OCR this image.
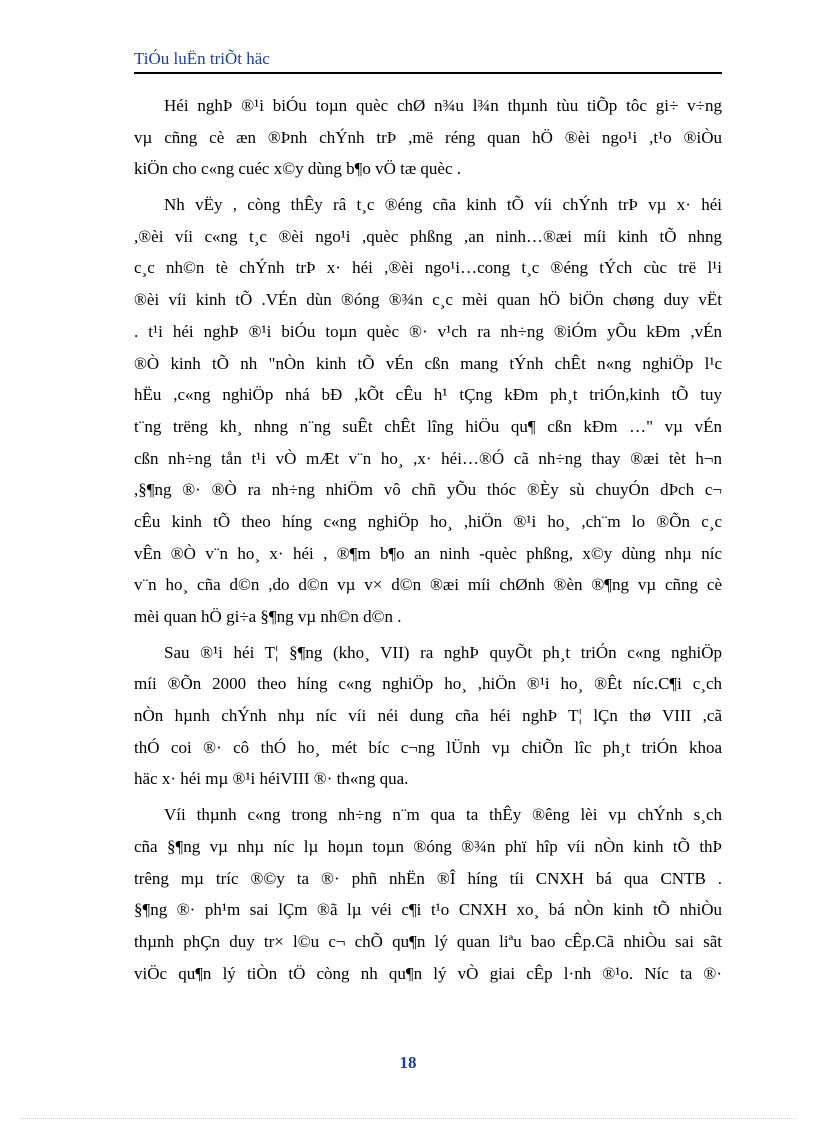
TiÓu luËn triÕt häc
Héi nghÞ ®¹i biÓu toµn quèc chØ n¾u l¾n thµnh tùu tiÕp tôc gi÷ v÷ng
vµ cñng cè æn ®Þnh chÝnh trÞ ,më réng quan hÖ ®èi ngo¹i ,t¹o ®iÒu
kiÖn cho c«ng cuéc x©y dùng b¶o vÖ tæ quèc .
Nh vËy , còng thÊy râ t¸c ®éng cña kinh tÕ víi chÝnh trÞ vµ x· héi
,®èi víi c«ng t¸c ®èi ngo¹i ,quèc phßng ,an ninh…®æi míi kinh tÕ nhng
c¸c nh©n tè chÝnh trÞ x· héi ,®èi ngo¹i…cong t¸c ®éng tÝch cùc trë l¹i
®èi víi kinh tÕ .VÉn dùn ®óng ®¾n c¸c mèi quan hÖ biÖn chøng duy vËt
. t¹i héi nghÞ ®¹i biÓu toµn quèc ®· v¹ch ra nh÷ng ®iÓm yÕu kÐm ,vÉn
®Ò kinh tÕ nh "nÒn kinh tÕ vÉn cßn mang tÝnh chÊt n«ng nghiÖp l¹c
hËu ,c«ng nghiÖp nhá bÐ ,kÕt cÊu h¹ tÇng kÐm ph¸t triÓn,kinh tÕ tuy
t¨ng trëng kh¸ nhng n¨ng suÊt chÊt lîng hiÖu qu¶ cßn kÐm …" vµ vÉn
cßn nh÷ng tån t¹i vÒ mÆt v¨n ho¸ ,x· héi…®Ó cã nh÷ng thay ®æi tèt h¬n
,§¶ng ®· ®Ò ra nh÷ng nhiÖm vô chñ yÕu thóc ®Èy sù chuyÓn dÞch c¬
cÊu kinh tÕ theo híng c«ng nghiÖp ho¸ ,hiÖn ®¹i ho¸ ,ch¨m lo ®Õn c¸c
vÊn ®Ò v¨n ho¸ x· héi , ®¶m b¶o an ninh -quèc phßng, x©y dùng nhµ níc
v¨n ho¸ cña d©n ,do d©n vµ v× d©n ®æi míi chØnh ®èn ®¶ng vµ cñng cè
mèi quan hÖ gi÷a §¶ng vµ nh©n d©n .
Sau ®¹i héi T¦ §¶ng (kho¸ VII) ra nghÞ quyÕt ph¸t triÓn c«ng nghiÖp
míi ®Õn 2000 theo híng c«ng nghiÖp ho¸ ,hiÖn ®¹i ho¸ ®Êt níc.C¶i c¸ch
nÒn hµnh chÝnh nhµ níc víi néi dung cña héi nghÞ T¦ lÇn thø VIII ,cã
thÓ coi ®· cô thÓ ho¸ mét bíc c¬ng lÜnh vµ chiÕn lîc ph¸t triÓn khoa
häc x· héi mµ ®¹i héiVIII ®· th«ng qua.
Víi thµnh c«ng trong nh÷ng n¨m qua ta thÊy ®êng lèi vµ chÝnh s¸ch
cña §¶ng vµ nhµ níc lµ hoµn toµn ®óng ®¾n phï hîp víi nÒn kinh tÕ thÞ
trêng mµ tríc ®©y ta ®· phñ nhËn ®Î híng tíi CNXH bá qua CNTB .
§¶ng ®· ph¹m sai lÇm ®ã lµ véi c¶i t¹o CNXH xo¸ bá nÒn kinh tÕ nhiÒu
thµnh phÇn duy tr× l©u c¬ chÕ qu¶n lý quan liªu bao cÊp.Cã nhiÒu sai sãt
viÖc qu¶n lý tiÒn tÖ còng nh qu¶n lý vÒ giai cÊp l·nh ®¹o. Níc ta ®·
18
